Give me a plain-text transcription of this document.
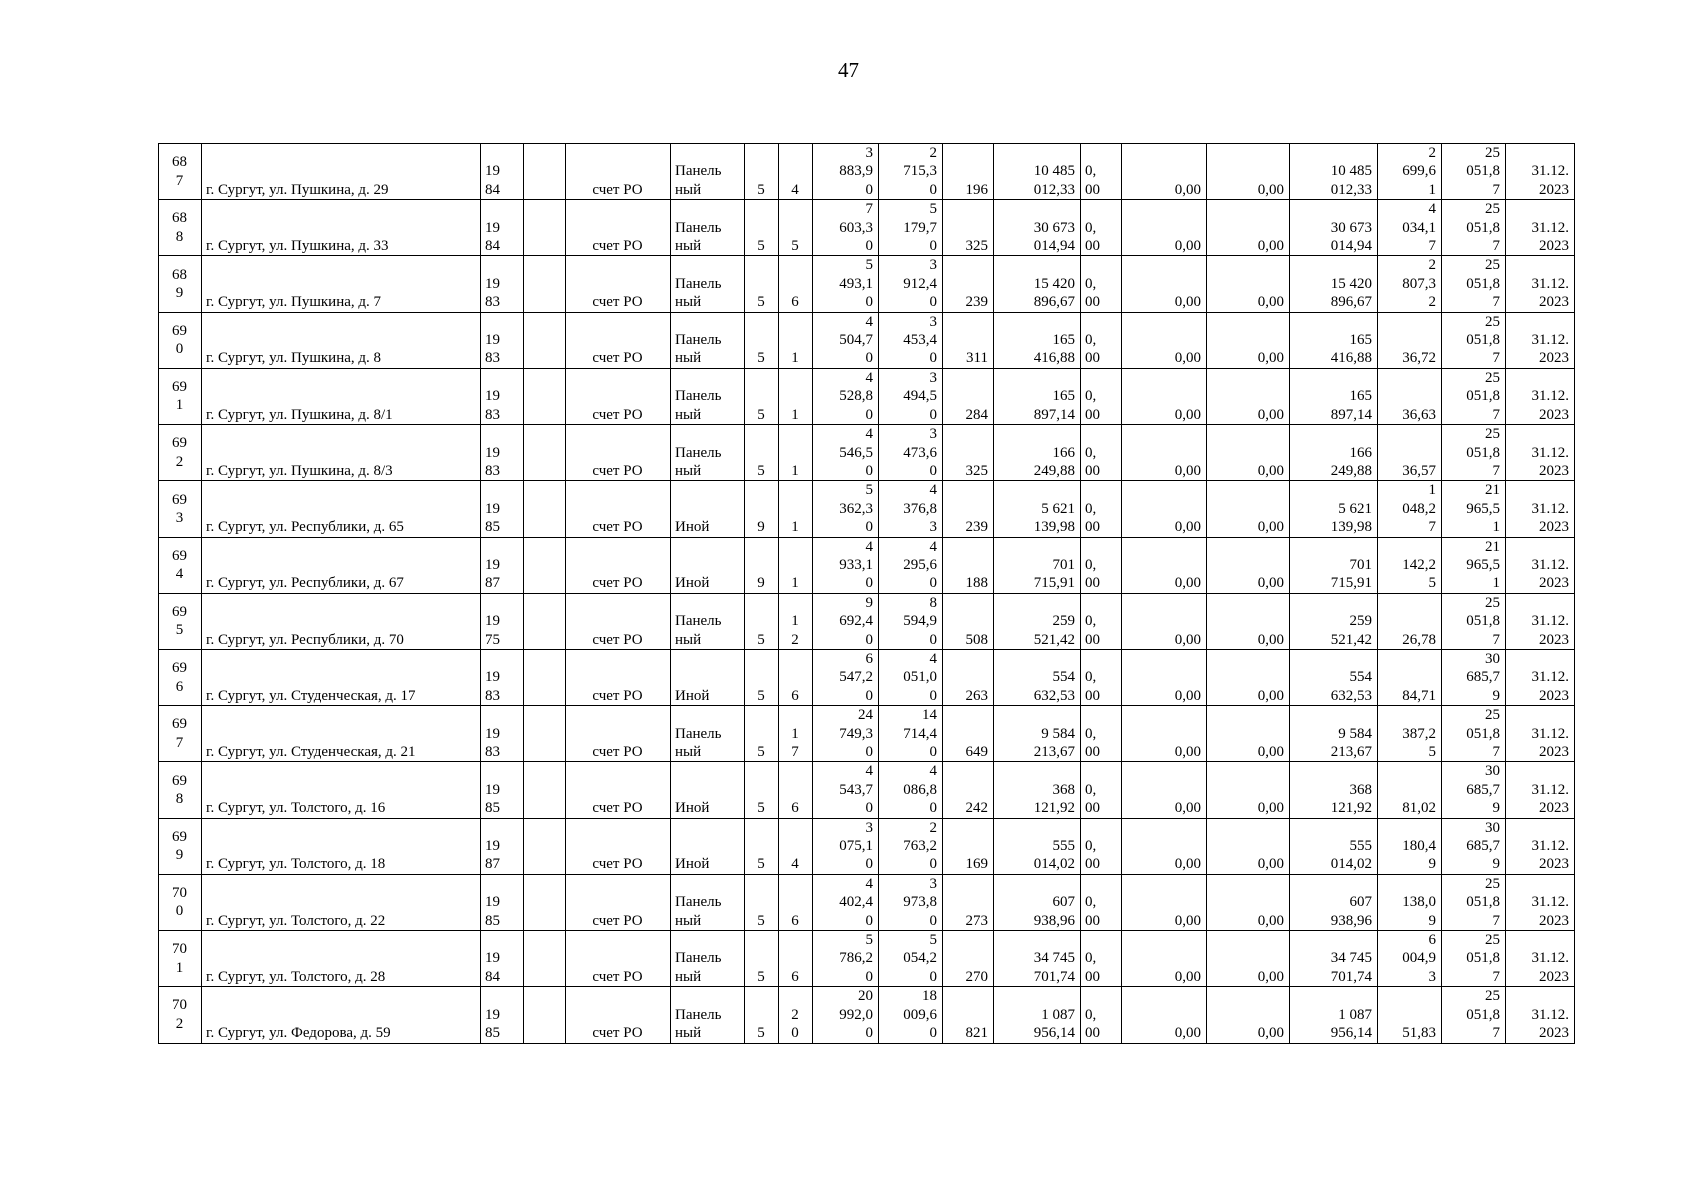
47
68
7	г. Сургут, ул. Пушкина, д. 29	19
84		счет РО	Панель
ный	5	4	3
883,9
0	2
715,3
0	196	10 485
012,33	0,
00	0,00	0,00	10 485
012,33	2
699,6
1	25
051,8
7	31.12.
2023
68
8	г. Сургут, ул. Пушкина, д. 33	19
84		счет РО	Панель
ный	5	5	7
603,3
0	5
179,7
0	325	30 673
014,94	0,
00	0,00	0,00	30 673
014,94	4
034,1
7	25
051,8
7	31.12.
2023
68
9	г. Сургут, ул. Пушкина, д. 7	19
83		счет РО	Панель
ный	5	6	5
493,1
0	3
912,4
0	239	15 420
896,67	0,
00	0,00	0,00	15 420
896,67	2
807,3
2	25
051,8
7	31.12.
2023
69
0	г. Сургут, ул. Пушкина, д. 8	19
83		счет РО	Панель
ный	5	1	4
504,7
0	3
453,4
0	311	165
416,88	0,
00	0,00	0,00	165
416,88	36,72	25
051,8
7	31.12.
2023
69
1	г. Сургут, ул. Пушкина, д. 8/1	19
83		счет РО	Панель
ный	5	1	4
528,8
0	3
494,5
0	284	165
897,14	0,
00	0,00	0,00	165
897,14	36,63	25
051,8
7	31.12.
2023
69
2	г. Сургут, ул. Пушкина, д. 8/3	19
83		счет РО	Панель
ный	5	1	4
546,5
0	3
473,6
0	325	166
249,88	0,
00	0,00	0,00	166
249,88	36,57	25
051,8
7	31.12.
2023
69
3	г. Сургут, ул. Республики, д. 65	19
85		счет РО	Иной	9	1	5
362,3
0	4
376,8
3	239	5 621
139,98	0,
00	0,00	0,00	5 621
139,98	1
048,2
7	21
965,5
1	31.12.
2023
69
4	г. Сургут, ул. Республики, д. 67	19
87		счет РО	Иной	9	1	4
933,1
0	4
295,6
0	188	701
715,91	0,
00	0,00	0,00	701
715,91	142,2
5	21
965,5
1	31.12.
2023
69
5	г. Сургут, ул. Республики, д. 70	19
75		счет РО	Панель
ный	5	1
2	9
692,4
0	8
594,9
0	508	259
521,42	0,
00	0,00	0,00	259
521,42	26,78	25
051,8
7	31.12.
2023
69
6	г. Сургут, ул. Студенческая, д. 17	19
83		счет РО	Иной	5	6	6
547,2
0	4
051,0
0	263	554
632,53	0,
00	0,00	0,00	554
632,53	84,71	30
685,7
9	31.12.
2023
69
7	г. Сургут, ул. Студенческая, д. 21	19
83		счет РО	Панель
ный	5	1
7	24
749,3
0	14
714,4
0	649	9 584
213,67	0,
00	0,00	0,00	9 584
213,67	387,2
5	25
051,8
7	31.12.
2023
69
8	г. Сургут, ул. Толстого, д. 16	19
85		счет РО	Иной	5	6	4
543,7
0	4
086,8
0	242	368
121,92	0,
00	0,00	0,00	368
121,92	81,02	30
685,7
9	31.12.
2023
69
9	г. Сургут, ул. Толстого, д. 18	19
87		счет РО	Иной	5	4	3
075,1
0	2
763,2
0	169	555
014,02	0,
00	0,00	0,00	555
014,02	180,4
9	30
685,7
9	31.12.
2023
70
0	г. Сургут, ул. Толстого, д. 22	19
85		счет РО	Панель
ный	5	6	4
402,4
0	3
973,8
0	273	607
938,96	0,
00	0,00	0,00	607
938,96	138,0
9	25
051,8
7	31.12.
2023
70
1	г. Сургут, ул. Толстого, д. 28	19
84		счет РО	Панель
ный	5	6	5
786,2
0	5
054,2
0	270	34 745
701,74	0,
00	0,00	0,00	34 745
701,74	6
004,9
3	25
051,8
7	31.12.
2023
70
2	г. Сургут, ул. Федорова, д. 59	19
85		счет РО	Панель
ный	5	2
0	20
992,0
0	18
009,6
0	821	1 087
956,14	0,
00	0,00	0,00	1 087
956,14	51,83	25
051,8
7	31.12.
2023
